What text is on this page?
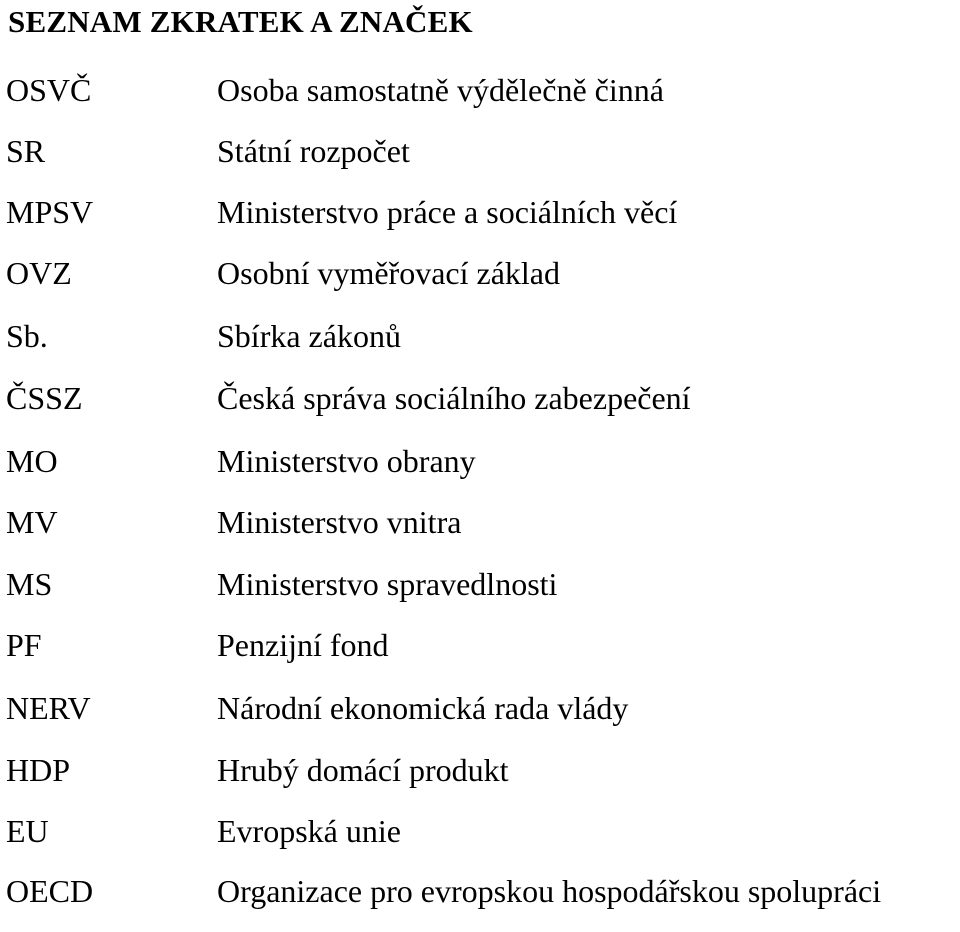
SEZNAM ZKRATEK A ZNAČEK
OSVČ	Osoba samostatně výdělečně činná
SR	Státní rozpočet
MPSV	Ministerstvo práce a sociálních věcí
OVZ	Osobní vyměřovací základ
Sb.	Sbírka zákonů
ČSSZ	Česká správa sociálního zabezpečení
MO	Ministerstvo obrany
MV	Ministerstvo vnitra
MS	Ministerstvo spravedlnosti
PF	Penzijní fond
NERV	Národní ekonomická rada vlády
HDP	Hrubý domácí produkt
EU	Evropská unie
OECD	Organizace pro evropskou hospodářskou spolupráci
